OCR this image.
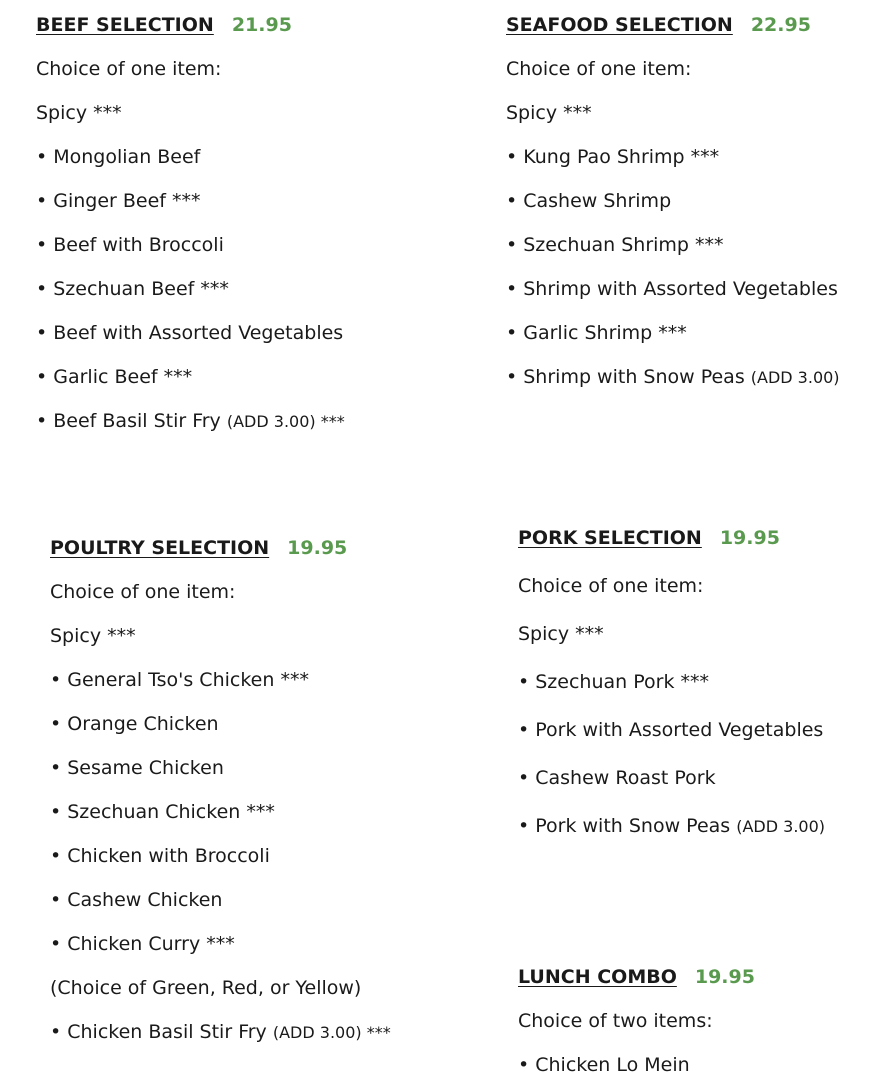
BEEF SELECTION 21.95
Choice of one item:
Spicy ***
• Mongolian Beef
• Ginger Beef ***
• Beef with Broccoli
• Szechuan Beef ***
• Beef with Assorted Vegetables
• Garlic Beef ***
• Beef Basil Stir Fry (ADD 3.00) ***
SEAFOOD SELECTION 22.95
Choice of one item:
Spicy ***
• Kung Pao Shrimp ***
• Cashew Shrimp
• Szechuan Shrimp ***
• Shrimp with Assorted Vegetables
• Garlic Shrimp ***
• Shrimp with Snow Peas (ADD 3.00)
POULTRY SELECTION 19.95
Choice of one item:
Spicy ***
• General Tso's Chicken ***
• Orange Chicken
• Sesame Chicken
• Szechuan Chicken ***
• Chicken with Broccoli
• Cashew Chicken
• Chicken Curry ***
(Choice of Green, Red, or Yellow)
• Chicken Basil Stir Fry (ADD 3.00) ***
PORK SELECTION 19.95
Choice of one item:
Spicy ***
• Szechuan Pork ***
• Pork with Assorted Vegetables
• Cashew Roast Pork
• Pork with Snow Peas (ADD 3.00)
LUNCH COMBO 19.95
Choice of two items:
• Chicken Lo Mein
